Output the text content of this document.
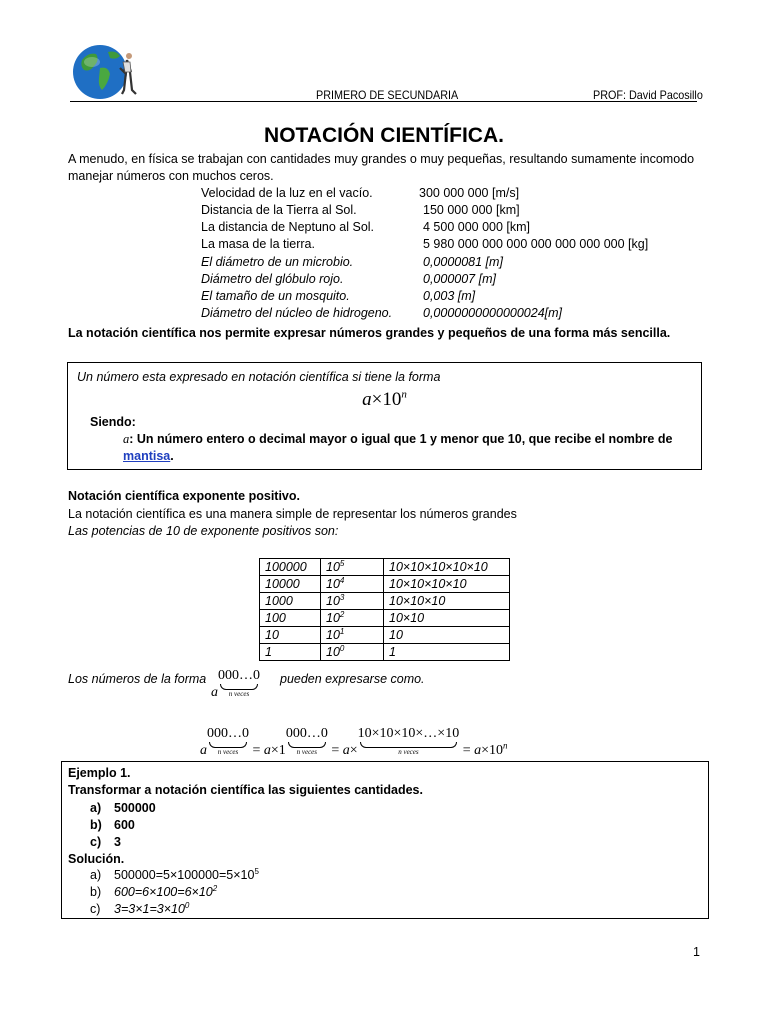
PRIMERO DE SECUNDARIA	PROF: David Pacosillo
NOTACIÓN CIENTÍFICA.
A menudo, en física se trabajan con cantidades muy grandes o muy pequeñas, resultando sumamente incomodo
manejar números con muchos ceros.
Velocidad de la luz en el vacío.	300 000 000 [m/s]
Distancia de la Tierra al Sol.	150 000 000 [km]
La distancia de Neptuno al Sol.	4 500 000 000 [km]
La masa de la tierra.	5 980 000 000 000 000 000 000 000 [kg]
El diámetro de un microbio.	0,0000081 [m]
Diámetro del glóbulo rojo.	0,000007 [m]
El tamaño de un mosquito.	0,003 [m]
Diámetro del núcleo de hidrogeno. 0,0000000000000024[m]
La notación científica nos permite expresar números grandes y pequeños de una forma más sencilla.
Un número esta expresado en notación científica si tiene la forma
$a\times 10^n$
Siendo:
a: Un número entero o decimal mayor o igual que 1 y menor que 10, que recibe el nombre de
mantisa.
Notación científica exponente positivo.
La notación científica es una manera simple de representar los números grandes
Las potencias de 10 de exponente positivos son:
100000	$10^5$	10×10×10×10×10
10000	$10^4$	10×10×10×10
1000	$10^3$	10×10×10
100	$10^2$	10×10
10	$10^1$	10
1	$10^0$	1
Los números de la forma
a000…0
n veces
pueden expresarse como.
a000…0
n veces = a×1000…0
n veces = a×10×10×10×…×10
n veces	= $a\times 10^n$
Ejemplo 1.
Transformar a notación científica las siguientes cantidades.
a) 500000
b) 600
c) 3
Solución.
a) $500000=5\times 100000=5\times 10^5$
b) $600=6\times 100=6\times 10^2$
c) $3=3\times 1=3\times 10^0$
1
